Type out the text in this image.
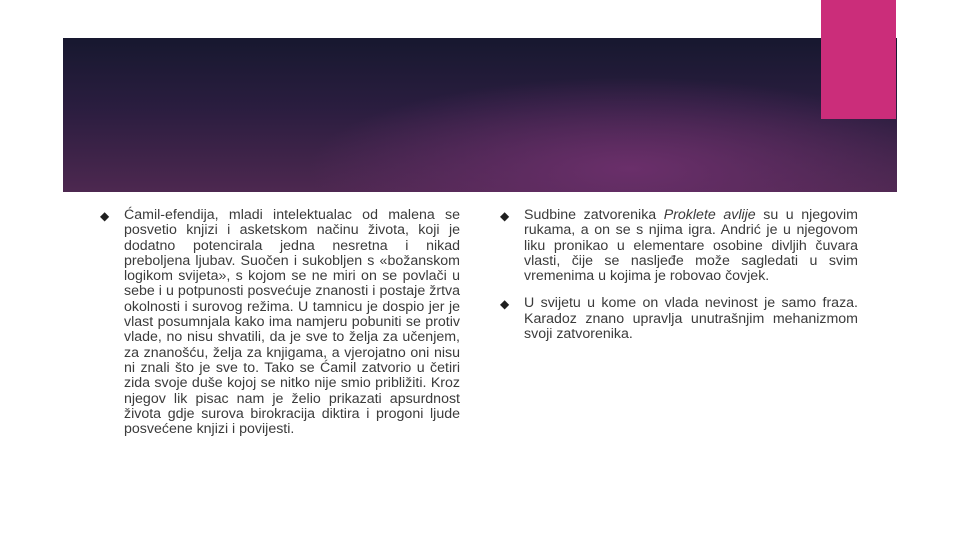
◆ Ćamil-efendija, mladi intelektualac od malena se posvetio knjizi i asketskom načinu života, koji je dodatno potencirala jedna nesretna i nikad preboljena ljubav. Suočen i sukobljen s «božanskom logikom svijeta», s kojom se ne miri on se povlači u sebe i u potpunosti posvećuje znanosti i postaje žrtva okolnosti i surovog režima. U tamnicu je dospio jer je vlast posumnjala kako ima namjeru pobuniti se protiv vlade, no nisu shvatili, da je sve to želja za učenjem, za znanošću, želja za knjigama, a vjerojatno oni nisu ni znali što je sve to. Tako se Ćamil zatvorio u četiri zida svoje duše kojoj se nitko nije smio približiti. Kroz njegov lik pisac nam je želio prikazati apsurdnost života gdje surova birokracija diktira i progoni ljude posvećene knjizi i povijesti.
◆ Sudbine zatvorenika Proklete avlije su u njegovim rukama, a on se s njima igra. Andrić je u njegovom liku pronikao u elementare osobine divljih čuvara vlasti, čije se nasljeđe može sagledati u svim vremenima u kojima je robovao čovjek.
◆ U svijetu u kome on vlada nevinost je samo fraza. Karadoz znano upravlja unutrašnjim mehanizmom svoji zatvorenika.
